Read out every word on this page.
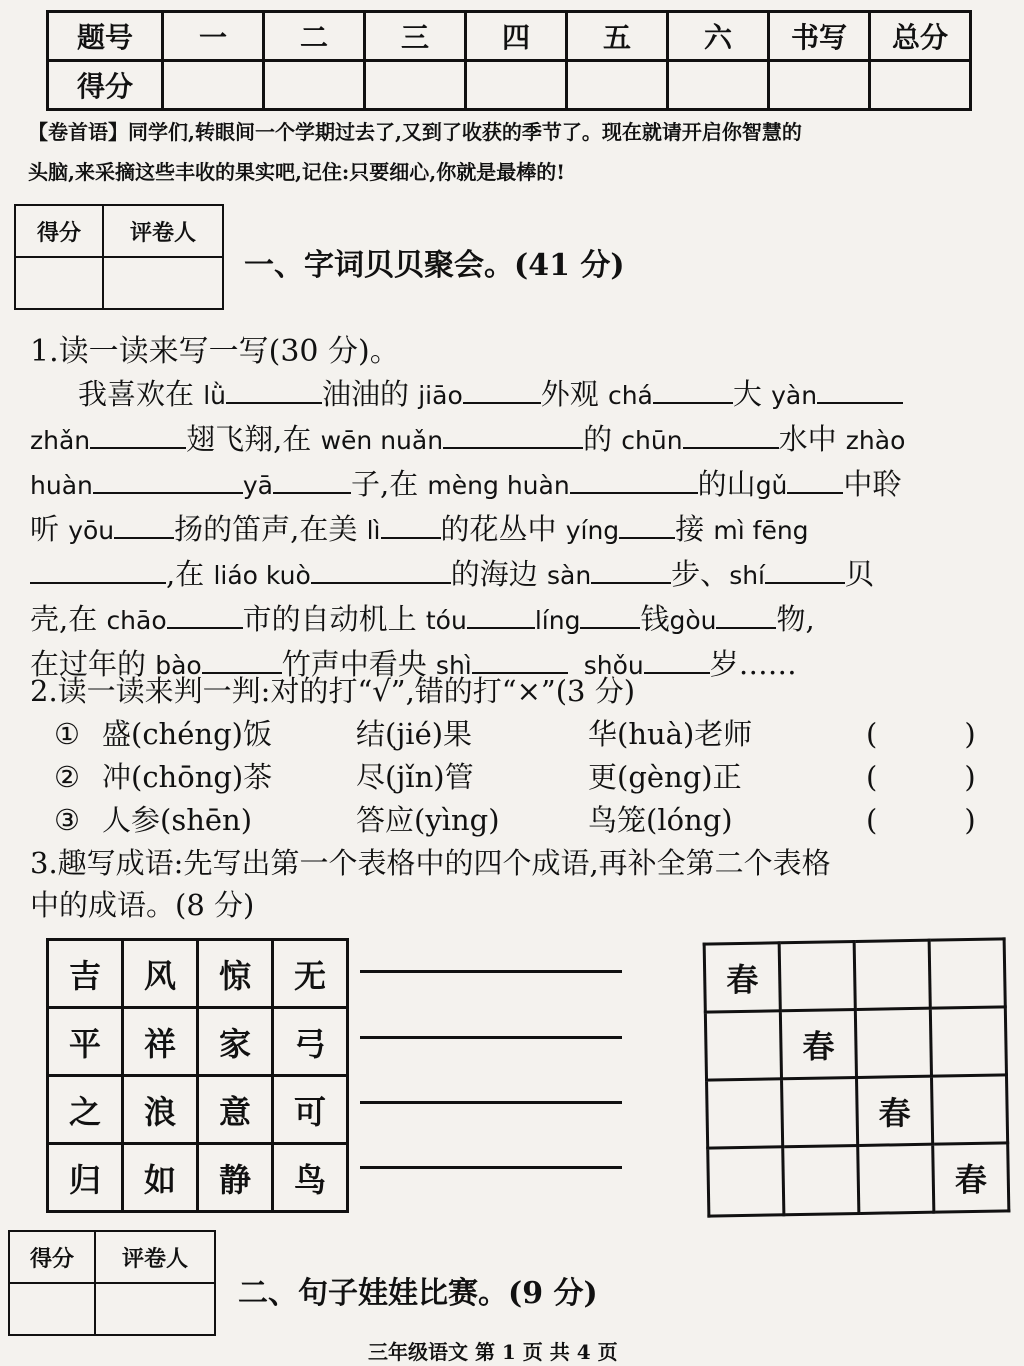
题号	一	二	三	四	五	六	书写	总分
得分								
【卷首语】同学们,转眼间一个学期过去了,又到了收获的季节了。现在就请开启你智慧的
头脑,来采摘这些丰收的果实吧,记住:只要细心,你就是最棒的!
得分	评卷人

一、字词贝贝聚会。(41 分)
1.读一读来写一写(30 分)。
我喜欢在 lǜ	油油的 jiāo	外观 chá	大 yàn
zhǎn	翅飞翔,在 wēn nuǎn	的 chūn	水中 zhào
huàn	yā	子,在 mèng huàn	的山gǔ 中聆
听 yōu 扬的笛声,在美 lì 的花丛中 yíng 接 mì fēng
,在 liáo kuò	的海边 sàn	步、shí	贝
壳,在 chāo	市的自动机上 tóu	líng 钱gòu 物,
在过年的 bào	竹声中看央 shì	shǒu 岁……
2.读一读来判一判:对的打“√”,错的打“×”(3 分)
① 盛(chéng)饭	结(jié)果	华(huà)老师	(　　　)
② 冲(chōng)茶	尽(jǐn)管	更(gèng)正	(　　　)
③ 人参(shēn)	答应(yìng)	鸟笼(lóng)	(　　　)
3.趣写成语:先写出第一个表格中的四个成语,再补全第二个表格
中的成语。(8 分)
吉	风	惊	无
平	祥	家	弓
之	浪	意	可
归	如	静	鸟
春			
	春		
		春	
			春
得分	评卷人

二、句子娃娃比赛。(9 分)
三年级语文 第 1 页 共 4 页
